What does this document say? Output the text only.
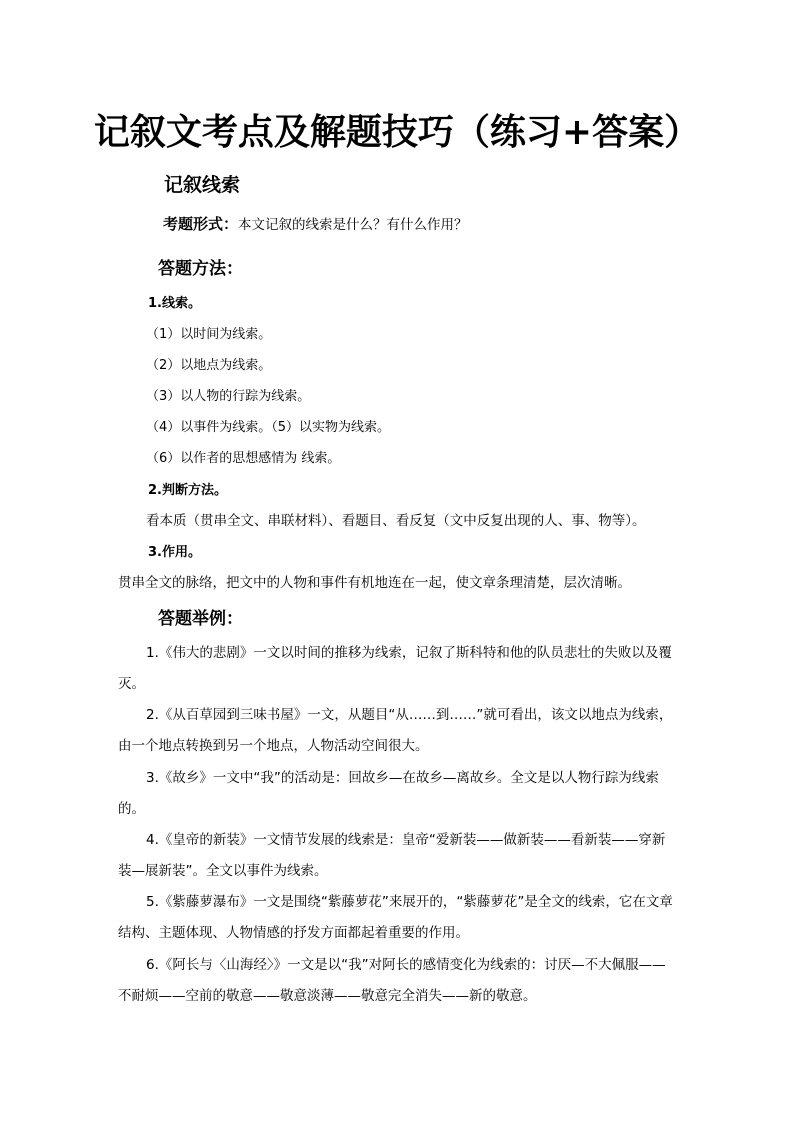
记叙文考点及解题技巧（练习+答案）
记叙线索
考题形式：本文记叙的线索是什么？有什么作用？
答题方法：
1.线索。
（1）以时间为线索。
（2）以地点为线索。
（3）以人物的行踪为线索。
（4）以事件为线索。（5）以实物为线索。
（6）以作者的思想感情为 线索。
2.判断方法。
看本质（贯串全文、串联材料）、看题目、看反复（文中反复出现的人、事、物等）。
3.作用。
贯串全文的脉络，把文中的人物和事件有机地连在一起，使文章条理清楚，层次清晰。
答题举例：
1.《伟大的悲剧》一文以时间的推移为线索，记叙了斯科特和他的队员悲壮的失败以及覆灭。
2.《从百草园到三味书屋》一文，从题目“从……到……”就可看出，该文以地点为线索，由一个地点转换到另一个地点，人物活动空间很大。
3.《故乡》一文中“我”的活动是：回故乡—在故乡—离故乡。全文是以人物行踪为线索的。
4.《皇帝的新装》一文情节发展的线索是：皇帝“爱新装——做新装——看新装——穿新装—展新装”。全文以事件为线索。
5.《紫藤萝瀑布》一文是围绕“紫藤萝花”来展开的，“紫藤萝花”是全文的线索，它在文章结构、主题体现、人物情感的抒发方面都起着重要的作用。
6.《阿长与〈山海经〉》一文是以“我”对阿长的感情变化为线索的：讨厌—不大佩服——不耐烦——空前的敬意——敬意淡薄——敬意完全消失——新的敬意。
